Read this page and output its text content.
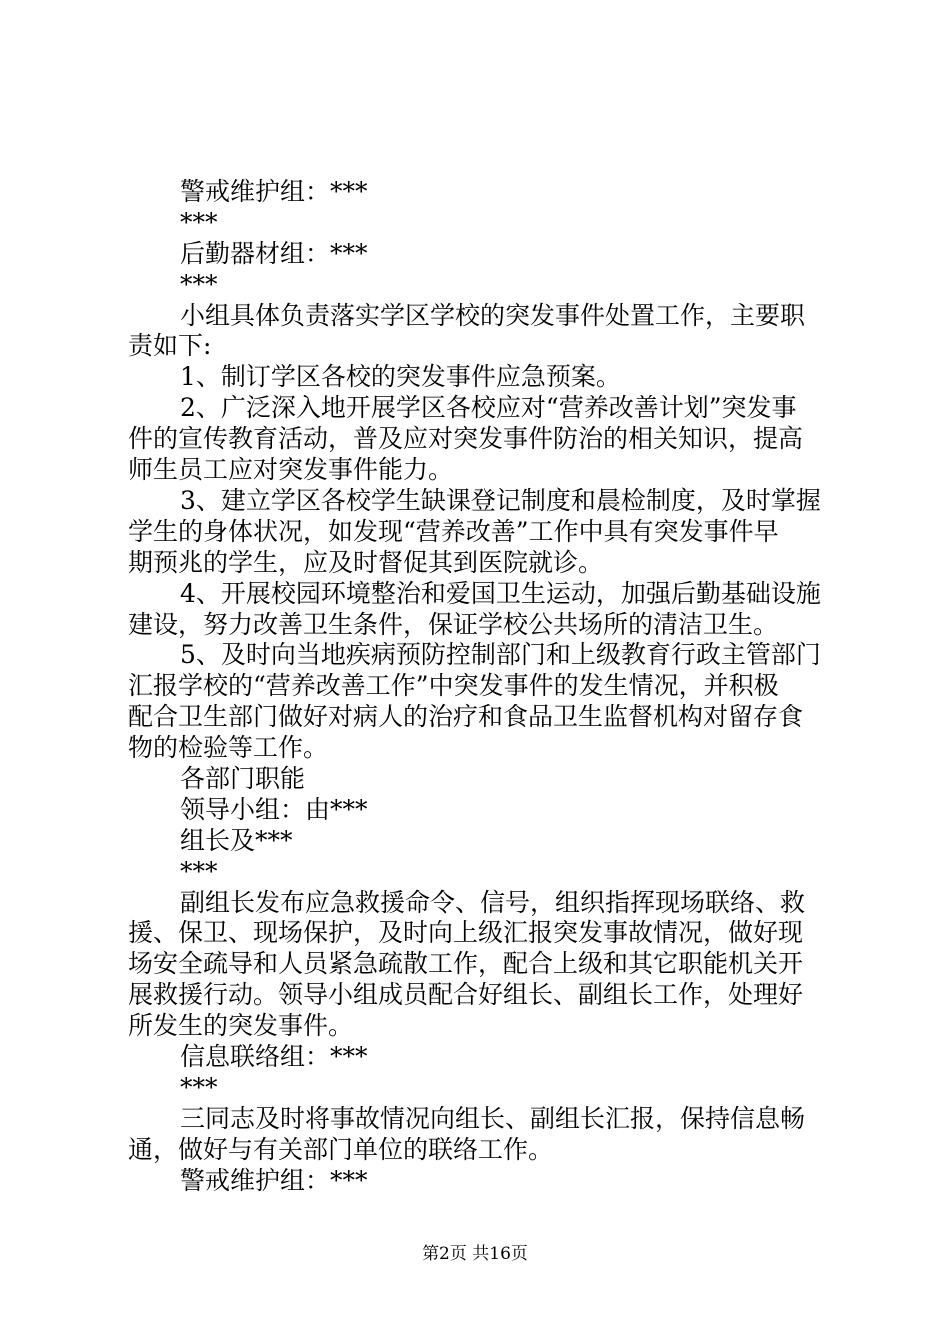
警戒维护组：***
***
后勤器材组：***
***
小组具体负责落实学区学校的突发事件处置工作，主要职
责如下:
1、制订学区各校的突发事件应急预案。
2、广泛深入地开展学区各校应对“营养改善计划”突发事
件的宣传教育活动，普及应对突发事件防治的相关知识，提高
师生员工应对突发事件能力。
3、建立学区各校学生缺课登记制度和晨检制度，及时掌握
学生的身体状况，如发现“营养改善”工作中具有突发事件早
期预兆的学生，应及时督促其到医院就诊。
4、开展校园环境整治和爱国卫生运动，加强后勤基础设施
建设，努力改善卫生条件，保证学校公共场所的清洁卫生。
5、及时向当地疾病预防控制部门和上级教育行政主管部门
汇报学校的“营养改善工作”中突发事件的发生情况，并积极
配合卫生部门做好对病人的治疗和食品卫生监督机构对留存食
物的检验等工作。
各部门职能
领导小组：由***
组长及***
***
副组长发布应急救援命令、信号，组织指挥现场联络、救
援、保卫、现场保护，及时向上级汇报突发事故情况，做好现
场安全疏导和人员紧急疏散工作，配合上级和其它职能机关开
展救援行动。领导小组成员配合好组长、副组长工作，处理好
所发生的突发事件。
信息联络组：***
***
三同志及时将事故情况向组长、副组长汇报，保持信息畅
通，做好与有关部门单位的联络工作。
警戒维护组：***
第2页 共16页
